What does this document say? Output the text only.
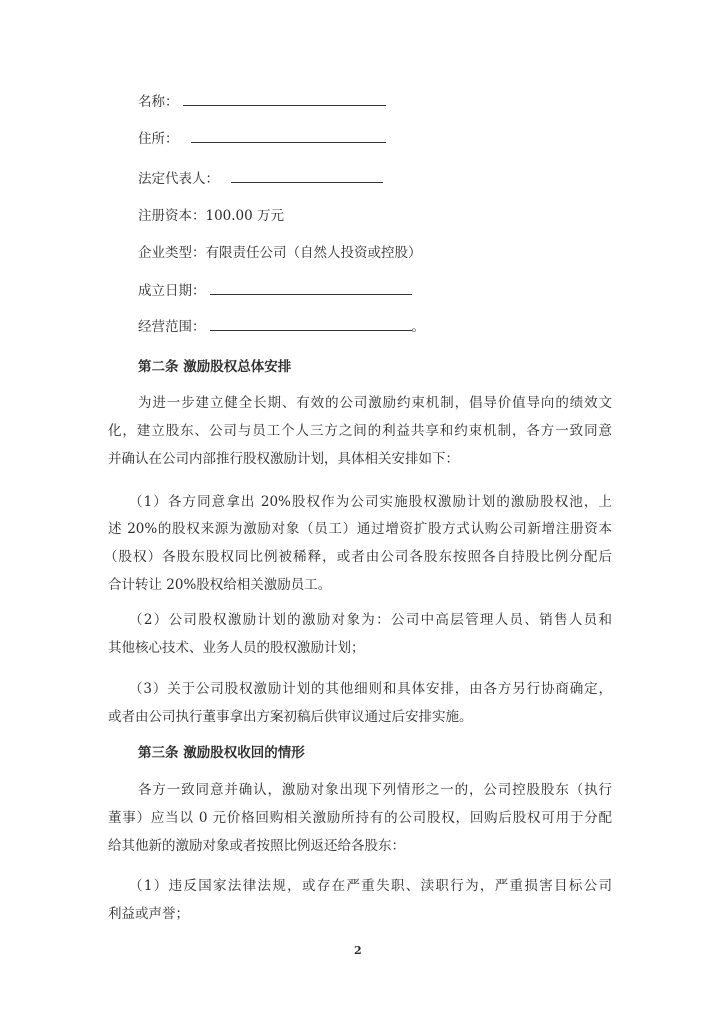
名称：
住所：
法定代表人：
注册资本：100.00 万元
企业类型：有限责任公司（自然人投资或控股）
成立日期：
经营范围：	。
第二条 激励股权总体安排
为进一步建立健全长期、有效的公司激励约束机制，倡导价值导向的绩效文
化，建立股东、公司与员工个人三方之间的利益共享和约束机制，各方一致同意
并确认在公司内部推行股权激励计划，具体相关安排如下：
（1）各方同意拿出 20%股权作为公司实施股权激励计划的激励股权池，上
述 20%的股权来源为激励对象（员工）通过增资扩股方式认购公司新增注册资本
（股权）各股东股权同比例被稀释，或者由公司各股东按照各自持股比例分配后
合计转让 20%股权给相关激励员工。
（2）公司股权激励计划的激励对象为：公司中高层管理人员、销售人员和
其他核心技术、业务人员的股权激励计划；
（3）关于公司股权激励计划的其他细则和具体安排，由各方另行协商确定，
或者由公司执行董事拿出方案初稿后供审议通过后安排实施。
第三条 激励股权收回的情形
各方一致同意并确认，激励对象出现下列情形之一的，公司控股股东（执行
董事）应当以 0 元价格回购相关激励所持有的公司股权，回购后股权可用于分配
给其他新的激励对象或者按照比例返还给各股东：
（1）违反国家法律法规，或存在严重失职、渎职行为，严重损害目标公司
利益或声誉；
2
